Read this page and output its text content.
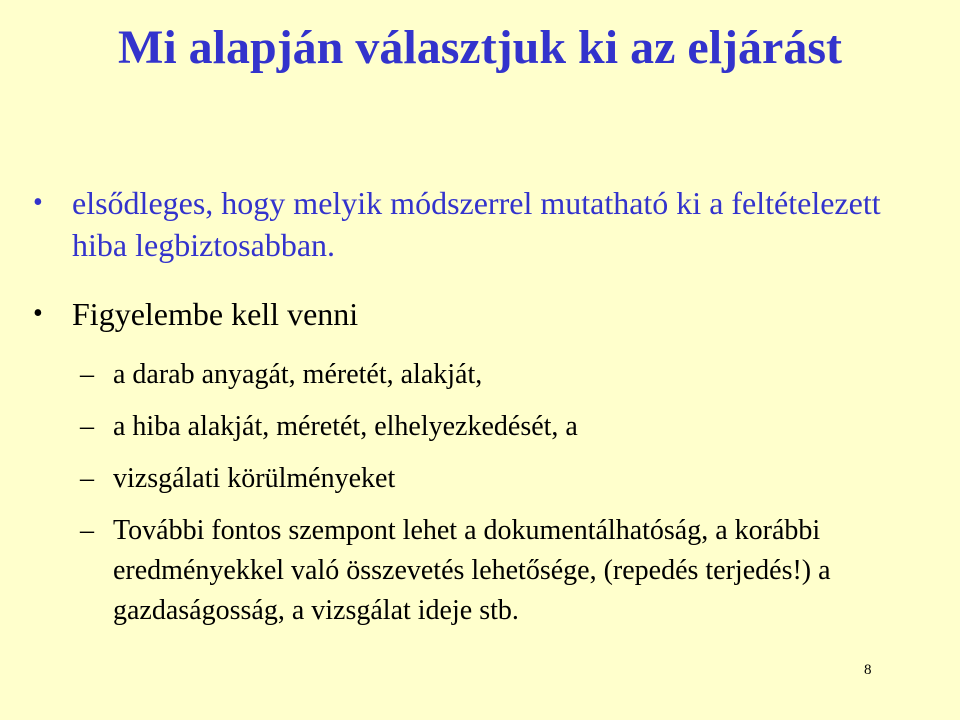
Mi alapján választjuk ki az eljárást
• elsődleges, hogy melyik módszerrel mutatható ki a feltételezett hiba legbiztosabban.
• Figyelembe kell venni
– a darab anyagát, méretét, alakját,
– a hiba alakját, méretét, elhelyezkedését, a
– vizsgálati körülményeket
– További fontos szempont lehet a dokumentálhatóság, a korábbi eredményekkel való összevetés lehetősége, (repedés terjedés!) a gazdaságosság, a vizsgálat ideje stb.
8
